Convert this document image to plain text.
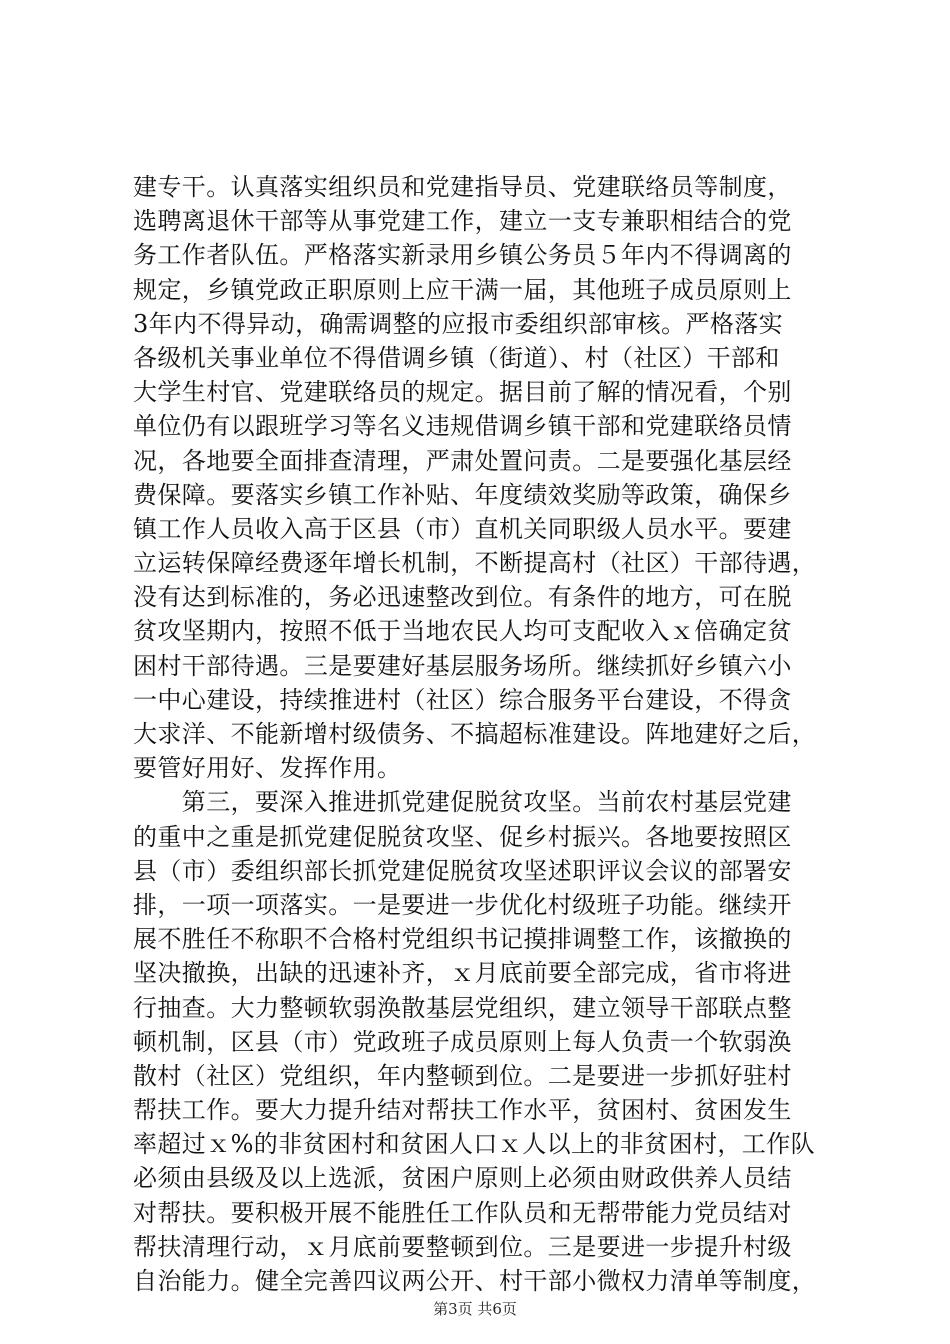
建专干。认真落实组织员和党建指导员、党建联络员等制度，
选聘离退休干部等从事党建工作，建立一支专兼职相结合的党
务工作者队伍。严格落实新录用乡镇公务员５年内不得调离的
规定，乡镇党政正职原则上应干满一届，其他班子成员原则上
3年内不得异动，确需调整的应报市委组织部审核。严格落实
各级机关事业单位不得借调乡镇（街道）、村（社区）干部和
大学生村官、党建联络员的规定。据目前了解的情况看，个别
单位仍有以跟班学习等名义违规借调乡镇干部和党建联络员情
况，各地要全面排查清理，严肃处置问责。二是要强化基层经
费保障。要落实乡镇工作补贴、年度绩效奖励等政策，确保乡
镇工作人员收入高于区县（市）直机关同职级人员水平。要建
立运转保障经费逐年增长机制，不断提高村（社区）干部待遇，
没有达到标准的，务必迅速整改到位。有条件的地方，可在脱
贫攻坚期内，按照不低于当地农民人均可支配收入ｘ倍确定贫
困村干部待遇。三是要建好基层服务场所。继续抓好乡镇六小
一中心建设，持续推进村（社区）综合服务平台建设，不得贪
大求洋、不能新增村级债务、不搞超标准建设。阵地建好之后，
要管好用好、发挥作用。
　　第三，要深入推进抓党建促脱贫攻坚。当前农村基层党建
的重中之重是抓党建促脱贫攻坚、促乡村振兴。各地要按照区
县（市）委组织部长抓党建促脱贫攻坚述职评议会议的部署安
排，一项一项落实。一是要进一步优化村级班子功能。继续开
展不胜任不称职不合格村党组织书记摸排调整工作，该撤换的
坚决撤换，出缺的迅速补齐，ｘ月底前要全部完成，省市将进
行抽查。大力整顿软弱涣散基层党组织，建立领导干部联点整
顿机制，区县（市）党政班子成员原则上每人负责一个软弱涣
散村（社区）党组织，年内整顿到位。二是要进一步抓好驻村
帮扶工作。要大力提升结对帮扶工作水平，贫困村、贫困发生
率超过ｘ%的非贫困村和贫困人口ｘ人以上的非贫困村，工作队
必须由县级及以上选派，贫困户原则上必须由财政供养人员结
对帮扶。要积极开展不能胜任工作队员和无帮带能力党员结对
帮扶清理行动，ｘ月底前要整顿到位。三是要进一步提升村级
自治能力。健全完善四议两公开、村干部小微权力清单等制度，
第3页 共6页
